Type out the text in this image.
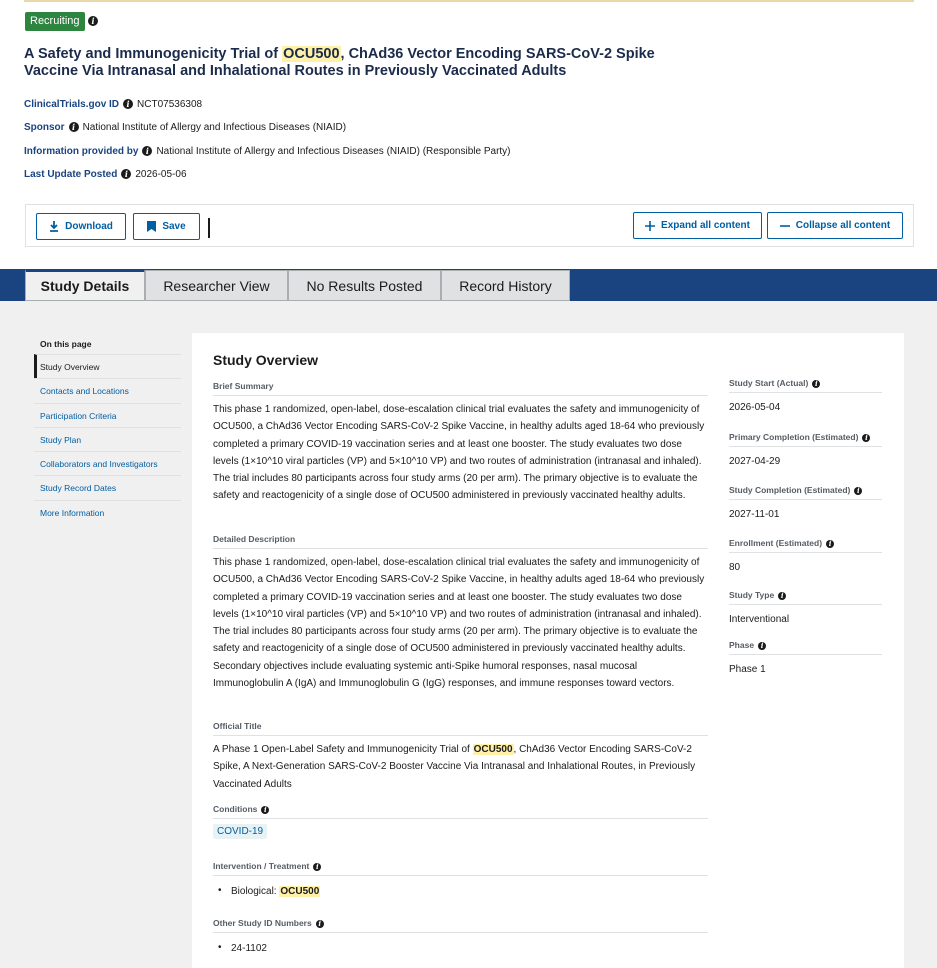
Recruiting	i
A Safety and Immunogenicity Trial of OCU500, ChAd36 Vector Encoding SARS-CoV-2 Spike Vaccine Via Intranasal and Inhalational Routes in Previously Vaccinated Adults
ClinicalTrials.gov ID i NCT07536308
Sponsor i National Institute of Allergy and Infectious Diseases (NIAID)
Information provided by i National Institute of Allergy and Infectious Diseases (NIAID) (Responsible Party)
Last Update Posted i 2026-05-06
Download	Save	Expand all content	Collapse all content
Study Details	Researcher View	No Results Posted	Record History
On this page
Study Overview
Contacts and Locations
Participation Criteria
Study Plan
Collaborators and Investigators
Study Record Dates
More Information
Study Overview
Brief Summary
This phase 1 randomized, open-label, dose-escalation clinical trial evaluates the safety and immunogenicity of OCU500, a ChAd36 Vector Encoding SARS-CoV-2 Spike Vaccine, in healthy adults aged 18-64 who previously completed a primary COVID-19 vaccination series and at least one booster. The study evaluates two dose levels (1×10^10 viral particles (VP) and 5×10^10 VP) and two routes of administration (intranasal and inhaled). The trial includes 80 participants across four study arms (20 per arm). The primary objective is to evaluate the safety and reactogenicity of a single dose of OCU500 administered in previously vaccinated healthy adults.
Detailed Description
This phase 1 randomized, open-label, dose-escalation clinical trial evaluates the safety and immunogenicity of OCU500, a ChAd36 Vector Encoding SARS-CoV-2 Spike Vaccine, in healthy adults aged 18-64 who previously completed a primary COVID-19 vaccination series and at least one booster. The study evaluates two dose levels (1×10^10 viral particles (VP) and 5×10^10 VP) and two routes of administration (intranasal and inhaled). The trial includes 80 participants across four study arms (20 per arm). The primary objective is to evaluate the safety and reactogenicity of a single dose of OCU500 administered in previously vaccinated healthy adults. Secondary objectives include evaluating systemic anti-Spike humoral responses, nasal mucosal Immunoglobulin A (IgA) and Immunoglobulin G (IgG) responses, and immune responses toward vectors.
Official Title
A Phase 1 Open-Label Safety and Immunogenicity Trial of OCU500, ChAd36 Vector Encoding SARS-CoV-2 Spike, A Next-Generation SARS-CoV-2 Booster Vaccine Via Intranasal and Inhalational Routes, in Previously Vaccinated Adults
Conditions i
COVID-19
Intervention / Treatment i
• Biological: OCU500
Other Study ID Numbers i
• 24-1102
Study Start (Actual) i
2026-05-04
Primary Completion (Estimated) i
2027-04-29
Study Completion (Estimated) i
2027-11-01
Enrollment (Estimated) i
80
Study Type i
Interventional
Phase i
Phase 1
